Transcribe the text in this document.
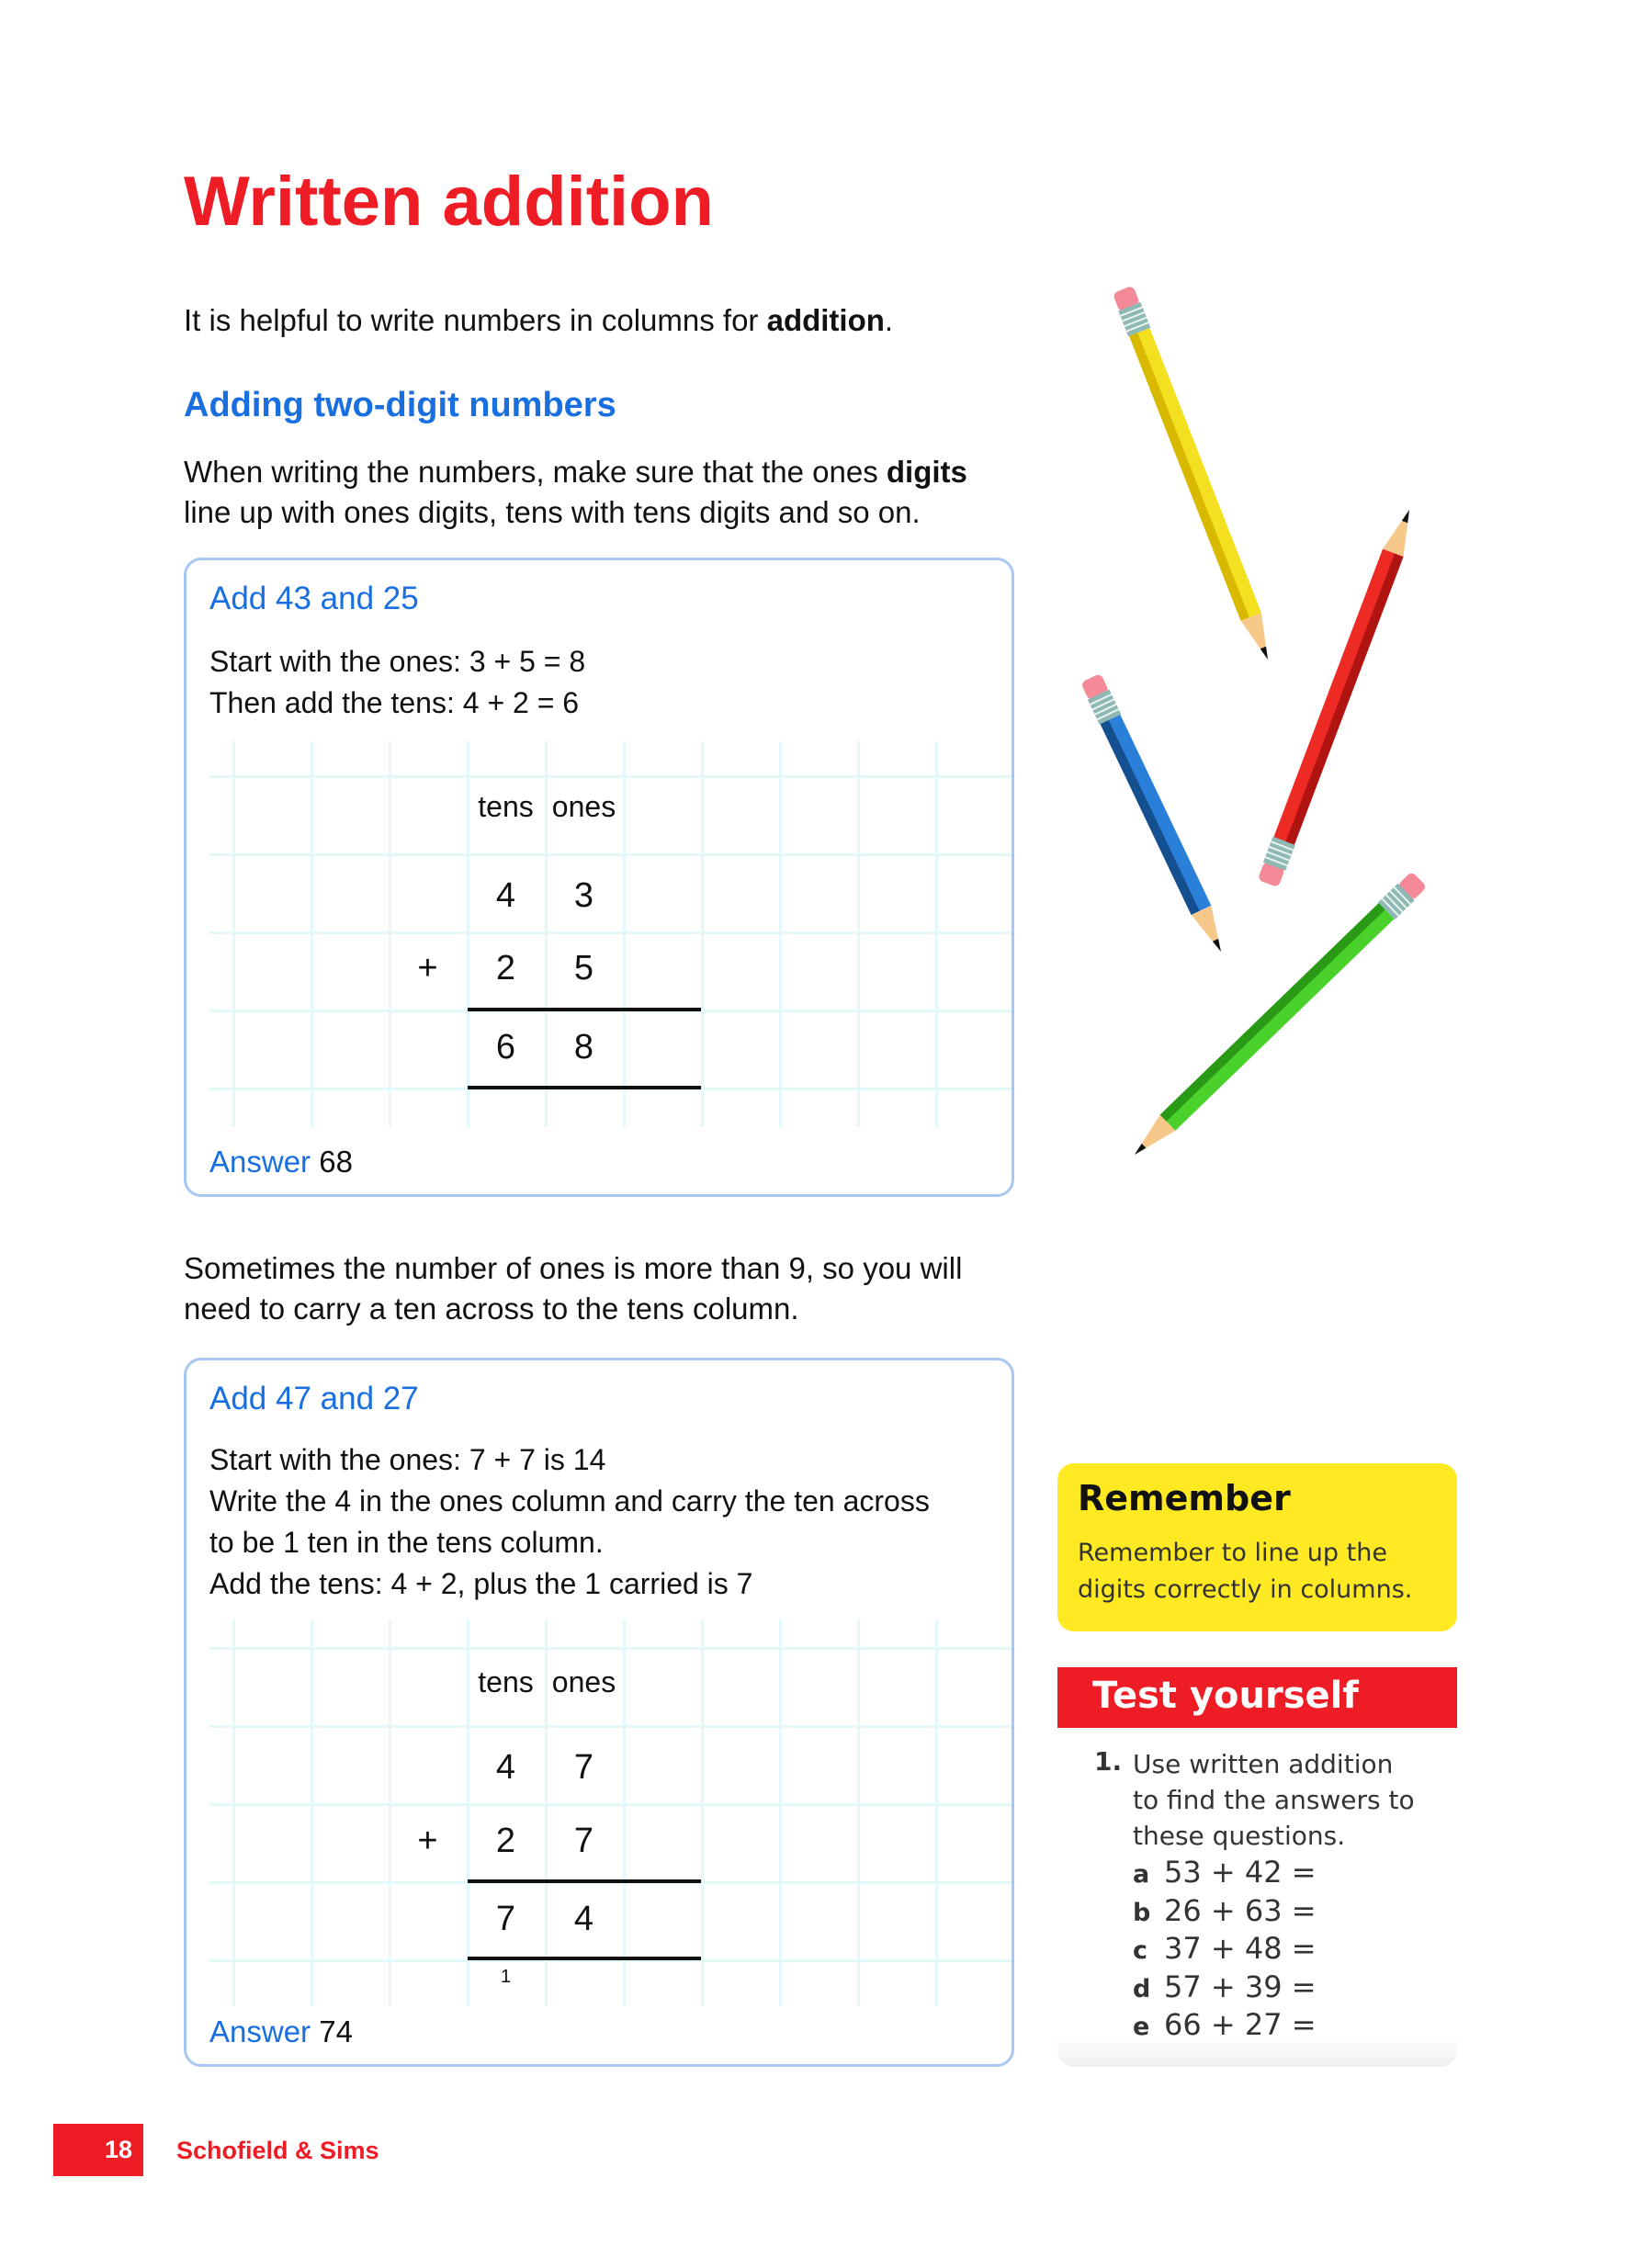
Written addition
It is helpful to write numbers in columns for addition.
Adding two-digit numbers
When writing the numbers, make sure that the ones digits
line up with ones digits, tens with tens digits and so on.
Add 43 and 25
Start with the ones: 3 + 5 = 8
Then add the tens: 4 + 2 = 6
tens ones
4	3
+	2	5
6	8
Answer 68
Sometimes the number of ones is more than 9, so you will
need to carry a ten across to the tens column.
Add 47 and 27
Start with the ones: 7 + 7 is 14
Write the 4 in the ones column and carry the ten across
to be 1 ten in the tens column.
Add the tens: 4 + 2, plus the 1 carried is 7
tens ones
4	7
+	2	7
7	4
1
Answer 74
Remember

Remember to line up the
digits correctly in columns.

Test yourself
1. Use written addition
to find the answers to
these questions.
a 53 + 42 =
b 26 + 63 =
c 37 + 48 =
d 57 + 39 =
e 66 + 27 =
18 Schofield & Sims
